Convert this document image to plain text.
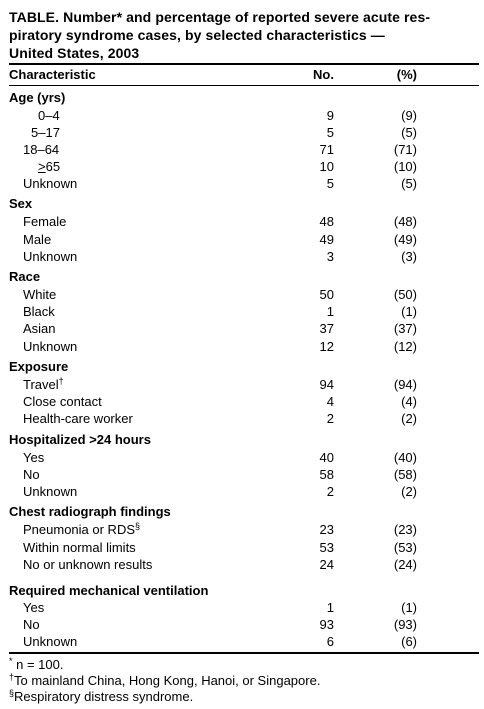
TABLE. Number* and percentage of reported severe acute res-
piratory syndrome cases, by selected characteristics —
United States, 2003
Characteristic	No.	(%)
Age (yrs)
0–4	9	(9)
5–17	5	(5)
18–64	71	(71)
>65	10	(10)
Unknown	5	(5)
Sex
Female	48	(48)
Male	49	(49)
Unknown	3	(3)
Race
White	50	(50)
Black	1	(1)
Asian	37	(37)
Unknown	12	(12)
Exposure
Travel†	94	(94)
Close contact	4	(4)
Health-care worker	2	(2)
Hospitalized >24 hours
Yes	40	(40)
No	58	(58)
Unknown	2	(2)
Chest radiograph findings
Pneumonia or RDS§	23	(23)
Within normal limits	53	(53)
No or unknown results	24	(24)
Required mechanical ventilation
Yes	1	(1)
No	93	(93)
Unknown	6	(6)
* n = 100.
†To mainland China, Hong Kong, Hanoi, or Singapore.
§Respiratory distress syndrome.
